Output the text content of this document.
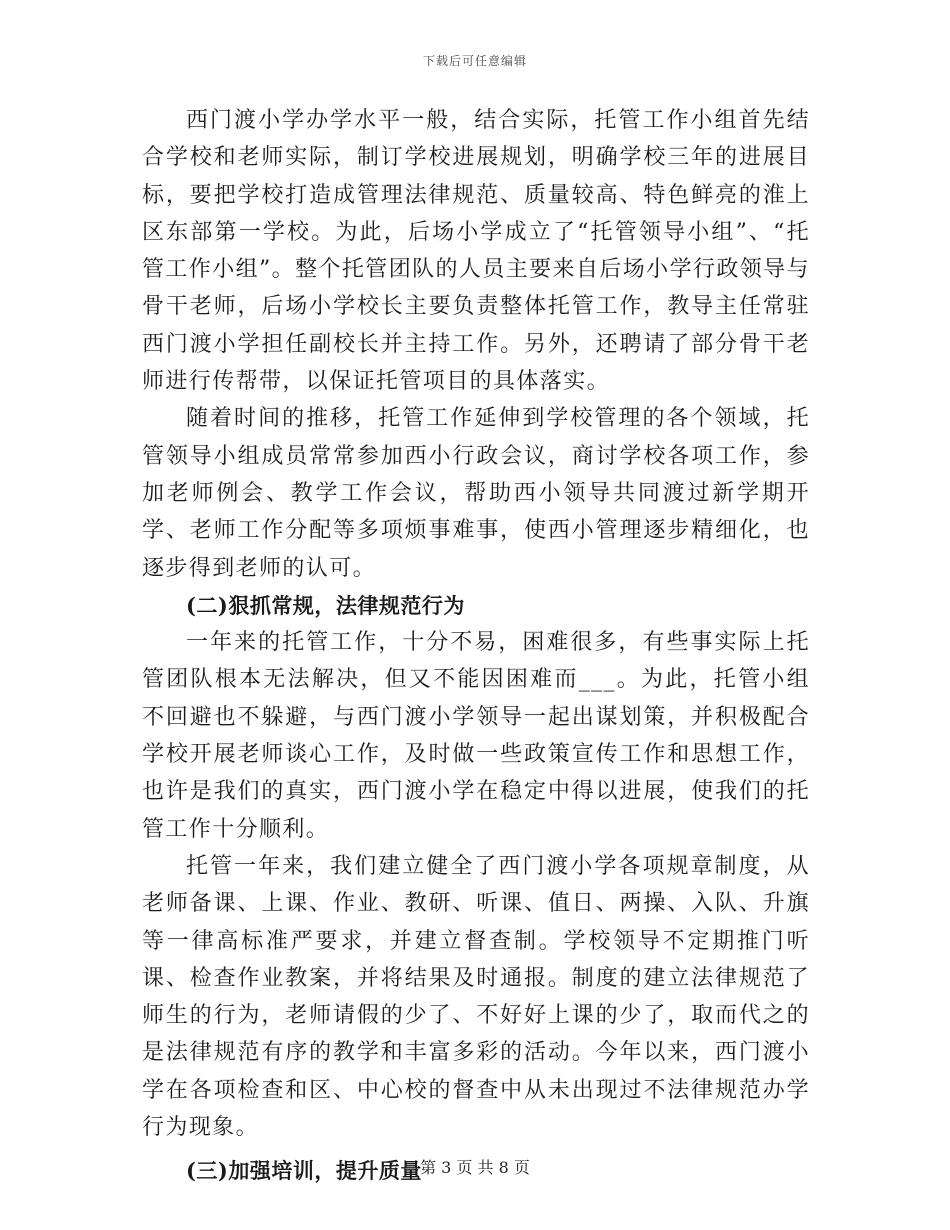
下载后可任意编辑

西门渡小学办学水平一般，结合实际，托管工作小组首先结合学校和老师实际，制订学校进展规划，明确学校三年的进展目标，要把学校打造成管理法律规范、质量较高、特色鲜亮的淮上区东部第一学校。为此，后场小学成立了“托管领导小组”、“托管工作小组”。整个托管团队的人员主要来自后场小学行政领导与骨干老师，后场小学校长主要负责整体托管工作，教导主任常驻西门渡小学担任副校长并主持工作。另外，还聘请了部分骨干老师进行传帮带，以保证托管项目的具体落实。

随着时间的推移，托管工作延伸到学校管理的各个领域，托管领导小组成员常常参加西小行政会议，商讨学校各项工作，参加老师例会、教学工作会议，帮助西小领导共同渡过新学期开学、老师工作分配等多项烦事难事，使西小管理逐步精细化，也逐步得到老师的认可。

(二)狠抓常规，法律规范行为

一年来的托管工作，十分不易，困难很多，有些事实际上托管团队根本无法解决，但又不能因困难而___。为此，托管小组不回避也不躲避，与西门渡小学领导一起出谋划策，并积极配合学校开展老师谈心工作，及时做一些政策宣传工作和思想工作，也许是我们的真实，西门渡小学在稳定中得以进展，使我们的托管工作十分顺利。

托管一年来，我们建立健全了西门渡小学各项规章制度，从老师备课、上课、作业、教研、听课、值日、两操、入队、升旗等一律高标准严要求，并建立督查制。学校领导不定期推门听课、检查作业教案，并将结果及时通报。制度的建立法律规范了师生的行为，老师请假的少了、不好好上课的少了，取而代之的是法律规范有序的教学和丰富多彩的活动。今年以来，西门渡小学在各项检查和区、中心校的督查中从未出现过不法律规范办学行为现象。

(三)加强培训，提升质量

第 3 页 共 8 页
